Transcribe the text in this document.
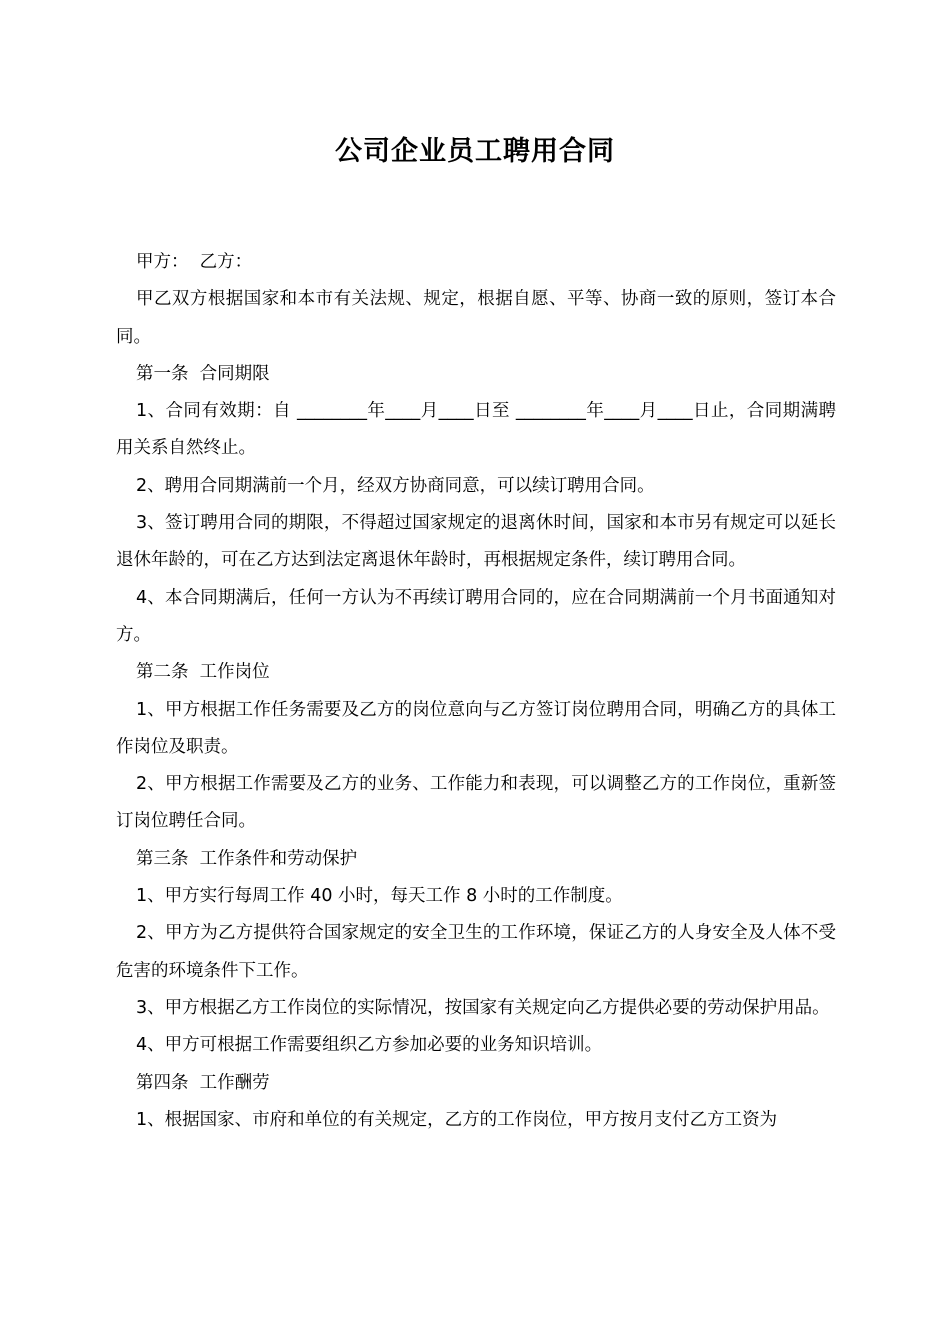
公司企业员工聘用合同

甲方：  乙方：

甲乙双方根据国家和本市有关法规、规定，根据自愿、平等、协商一致的原则，签订本合同。

第一条  合同期限

1、合同有效期：自 ________年____月____日至 ________年____月____日止，合同期满聘用关系自然终止。

2、聘用合同期满前一个月，经双方协商同意，可以续订聘用合同。

3、签订聘用合同的期限，不得超过国家规定的退离休时间，国家和本市另有规定可以延长退休年龄的，可在乙方达到法定离退休年龄时，再根据规定条件，续订聘用合同。

4、本合同期满后，任何一方认为不再续订聘用合同的，应在合同期满前一个月书面通知对方。

第二条  工作岗位

1、甲方根据工作任务需要及乙方的岗位意向与乙方签订岗位聘用合同，明确乙方的具体工作岗位及职责。

2、甲方根据工作需要及乙方的业务、工作能力和表现，可以调整乙方的工作岗位，重新签订岗位聘任合同。

第三条  工作条件和劳动保护

1、甲方实行每周工作 40 小时，每天工作 8 小时的工作制度。

2、甲方为乙方提供符合国家规定的安全卫生的工作环境，保证乙方的人身安全及人体不受危害的环境条件下工作。

3、甲方根据乙方工作岗位的实际情况，按国家有关规定向乙方提供必要的劳动保护用品。

4、甲方可根据工作需要组织乙方参加必要的业务知识培训。

第四条  工作酬劳

1、根据国家、市府和单位的有关规定，乙方的工作岗位，甲方按月支付乙方工资为
